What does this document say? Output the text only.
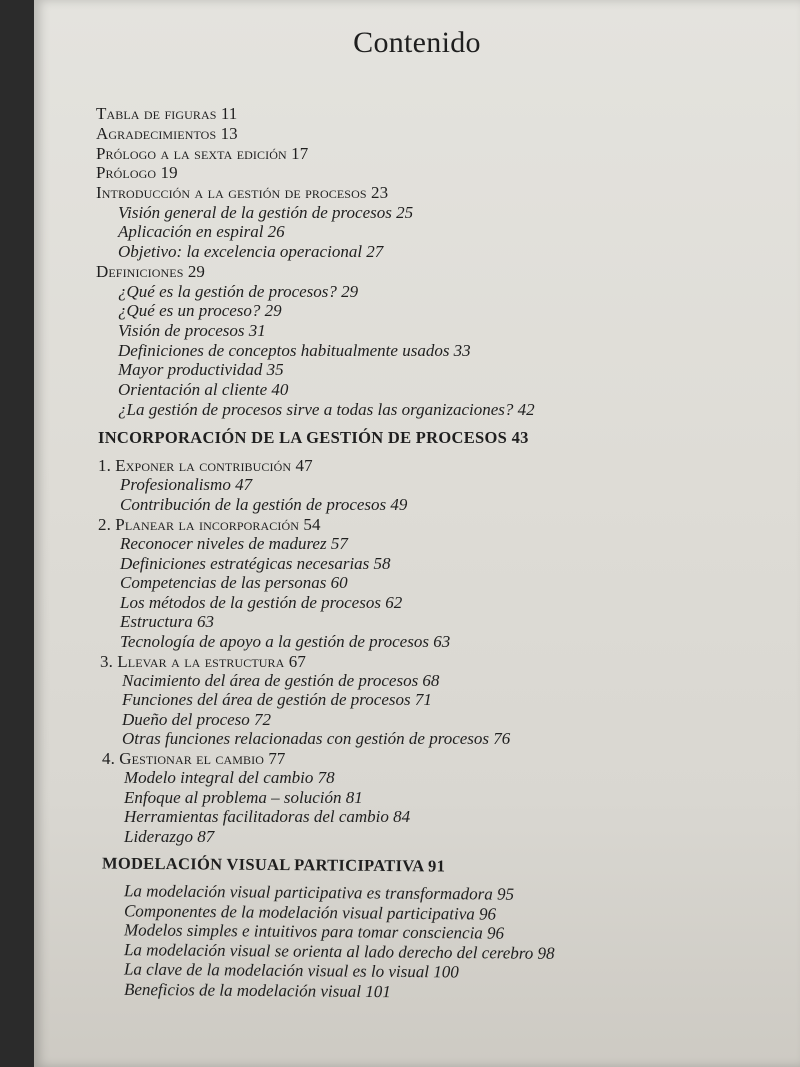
Contenido
Tabla de figuras 11
Agradecimientos 13
Prólogo a la sexta edición 17
Prólogo 19
Introducción a la gestión de procesos 23
Visión general de la gestión de procesos 25
Aplicación en espiral 26
Objetivo: la excelencia operacional 27
Definiciones 29
¿Qué es la gestión de procesos? 29
¿Qué es un proceso? 29
Visión de procesos 31
Definiciones de conceptos habitualmente usados 33
Mayor productividad 35
Orientación al cliente 40
¿La gestión de procesos sirve a todas las organizaciones? 42
INCORPORACIÓN DE LA GESTIÓN DE PROCESOS 43
1. Exponer la contribución 47
Profesionalismo 47
Contribución de la gestión de procesos 49
2. Planear la incorporación 54
Reconocer niveles de madurez 57
Definiciones estratégicas necesarias 58
Competencias de las personas 60
Los métodos de la gestión de procesos 62
Estructura 63
Tecnología de apoyo a la gestión de procesos 63
3. Llevar a la estructura 67
Nacimiento del área de gestión de procesos 68
Funciones del área de gestión de procesos 71
Dueño del proceso 72
Otras funciones relacionadas con gestión de procesos 76
4. Gestionar el cambio 77
Modelo integral del cambio 78
Enfoque al problema – solución 81
Herramientas facilitadoras del cambio 84
Liderazgo 87
MODELACIÓN VISUAL PARTICIPATIVA 91
La modelación visual participativa es transformadora 95
Componentes de la modelación visual participativa 96
Modelos simples e intuitivos para tomar consciencia 96
La modelación visual se orienta al lado derecho del cerebro 98
La clave de la modelación visual es lo visual 100
Beneficios de la modelación visual 101
